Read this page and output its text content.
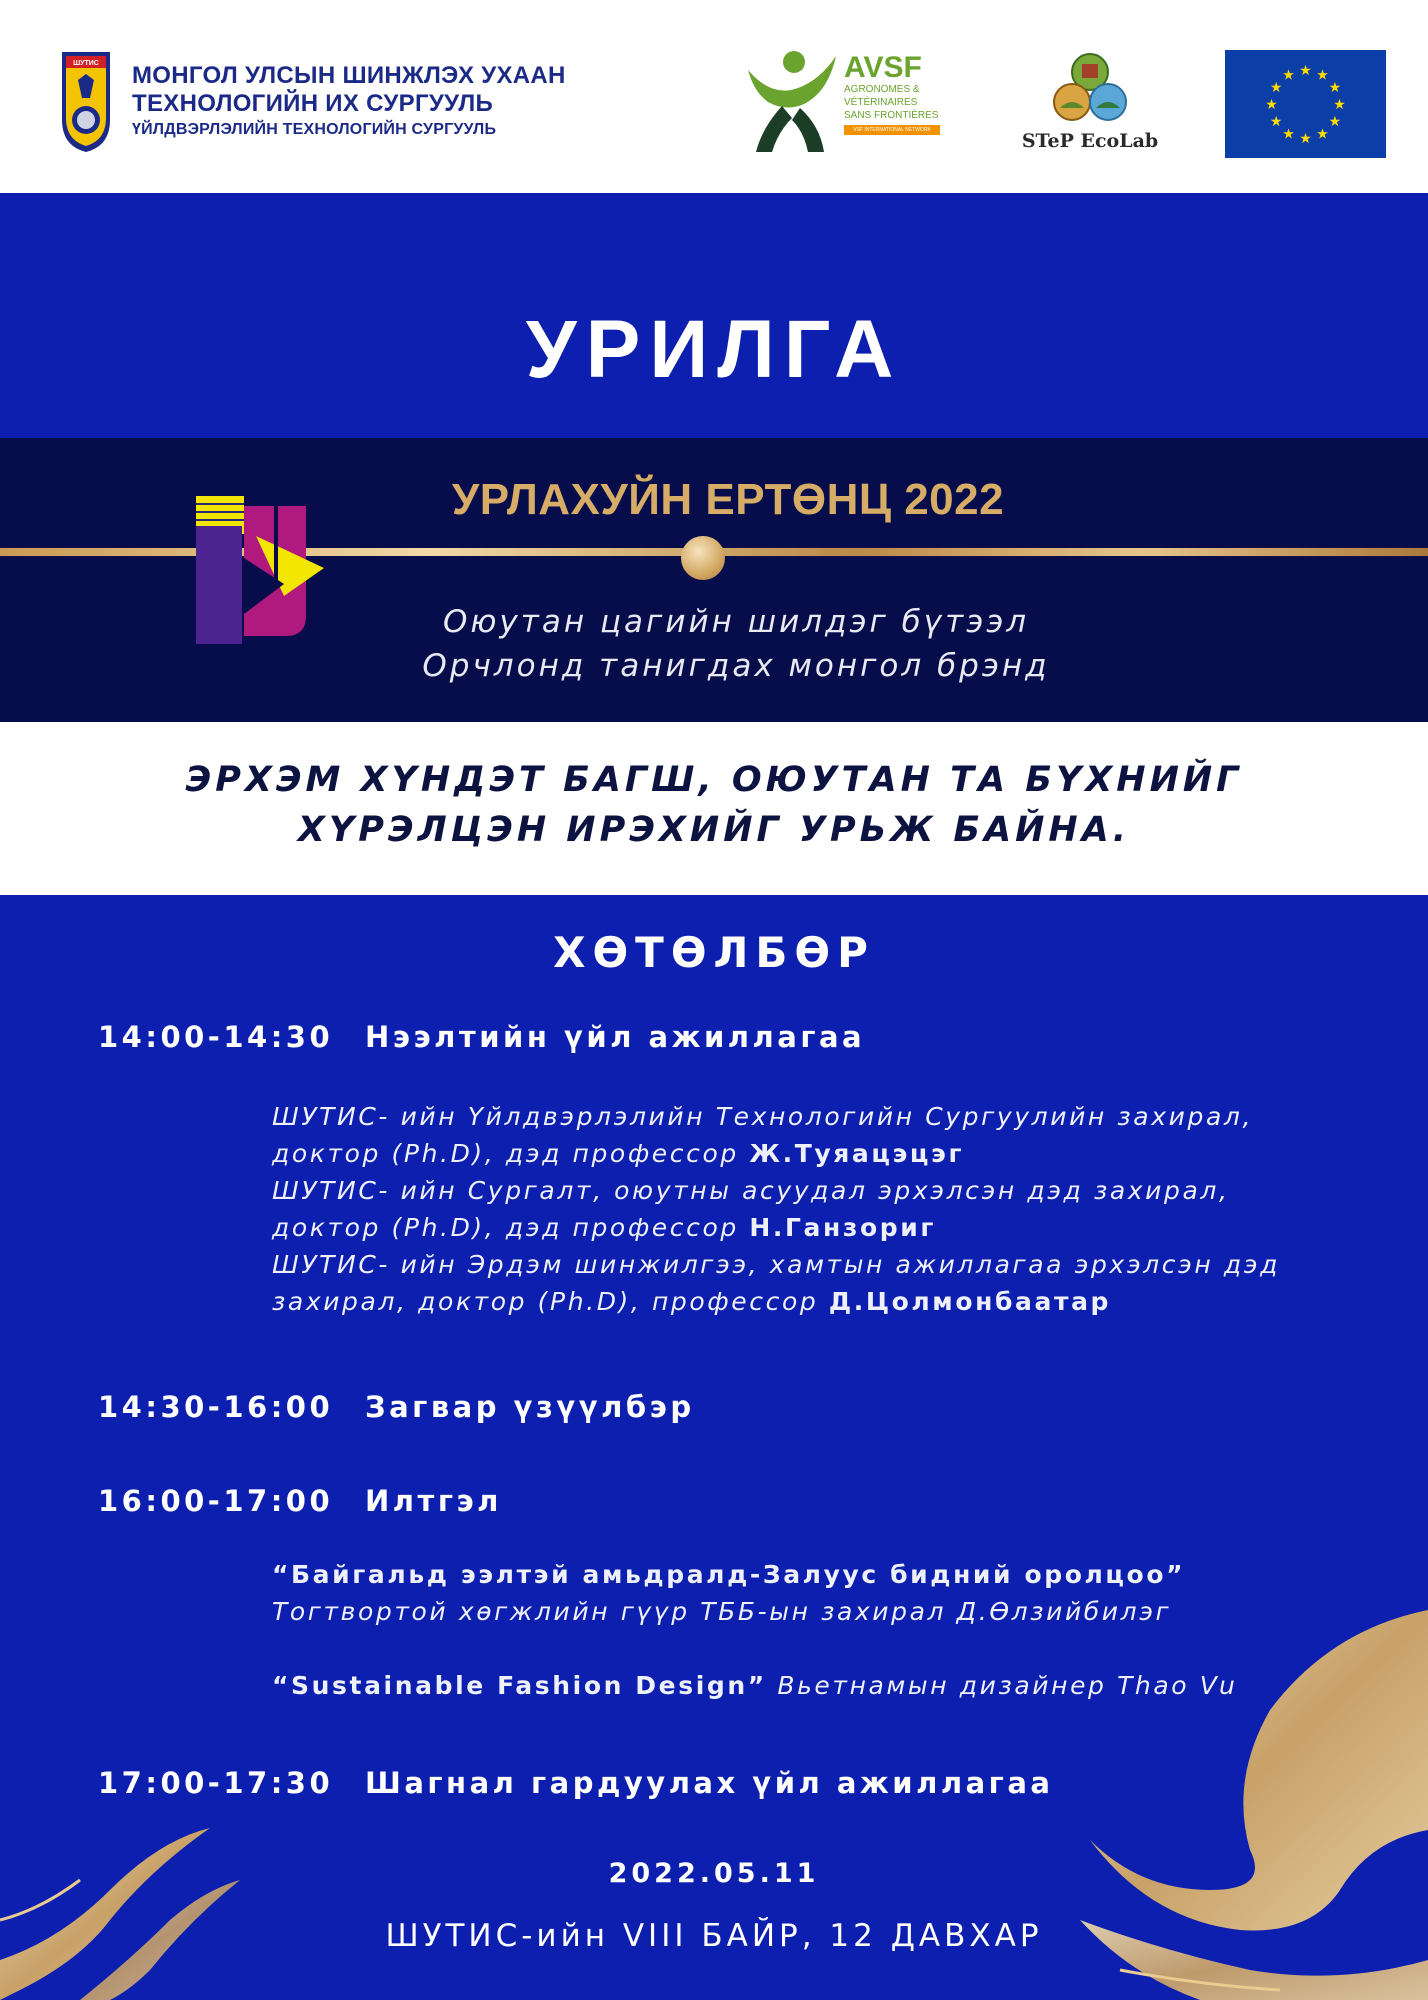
ШУТИС МОНГОЛ УЛСЫН ШИНЖЛЭХ УХААН
ТЕХНОЛОГИЙН ИХ СУРГУУЛЬ
ҮЙЛДВЭРЛЭЛИЙН ТЕХНОЛОГИЙН СУРГУУЛЬ
AVSF
AGRONOMES &
VÉTÉRINAIRES
SANS FRONTIÈRES
VSF INTERNATIONAL NETWORK	STeP EcoLab
★ ★
★
★
★
★
★
★
★
★
★
★
УРИЛГА
УРЛАХУЙН ЕРТӨНЦ 2022
Оюутан цагийн шилдэг бүтээл
Орчлонд танигдах монгол брэнд
ЭРХЭМ ХҮНДЭТ БАГШ, ОЮУТАН ТА БҮХНИЙГ
ХҮРЭЛЦЭН ИРЭХИЙГ УРЬЖ БАЙНА.
ХӨТӨЛБӨР
14:00-14:30 Нээлтийн үйл ажиллагаа
ШУТИС- ийн Үйлдвэрлэлийн Технологийн Сургуулийн захирал,
доктор (Ph.D), дэд профессор Ж.Туяацэцэг
ШУТИС- ийн Сургалт, оюутны асуудал эрхэлсэн дэд захирал,
доктор (Ph.D), дэд профессор Н.Ганзориг
ШУТИС- ийн Эрдэм шинжилгээ, хамтын ажиллагаа эрхэлсэн дэд
захирал, доктор (Ph.D), профессор Д.Цолмонбаатар
14:30-16:00 Загвар үзүүлбэр
16:00-17:00 Илтгэл
“Байгальд ээлтэй амьдралд-Залуус бидний оролцоо”
Тогтвортой хөгжлийн гүүр ТББ-ын захирал Д.Өлзийбилэг
“Sustainable Fashion Design” Вьетнамын дизайнер Thao Vu
17:00-17:30 Шагнал гардуулах үйл ажиллагаа
2022.05.11
ШУТИС-ийн VIII БАЙР, 12 ДАВХАР
